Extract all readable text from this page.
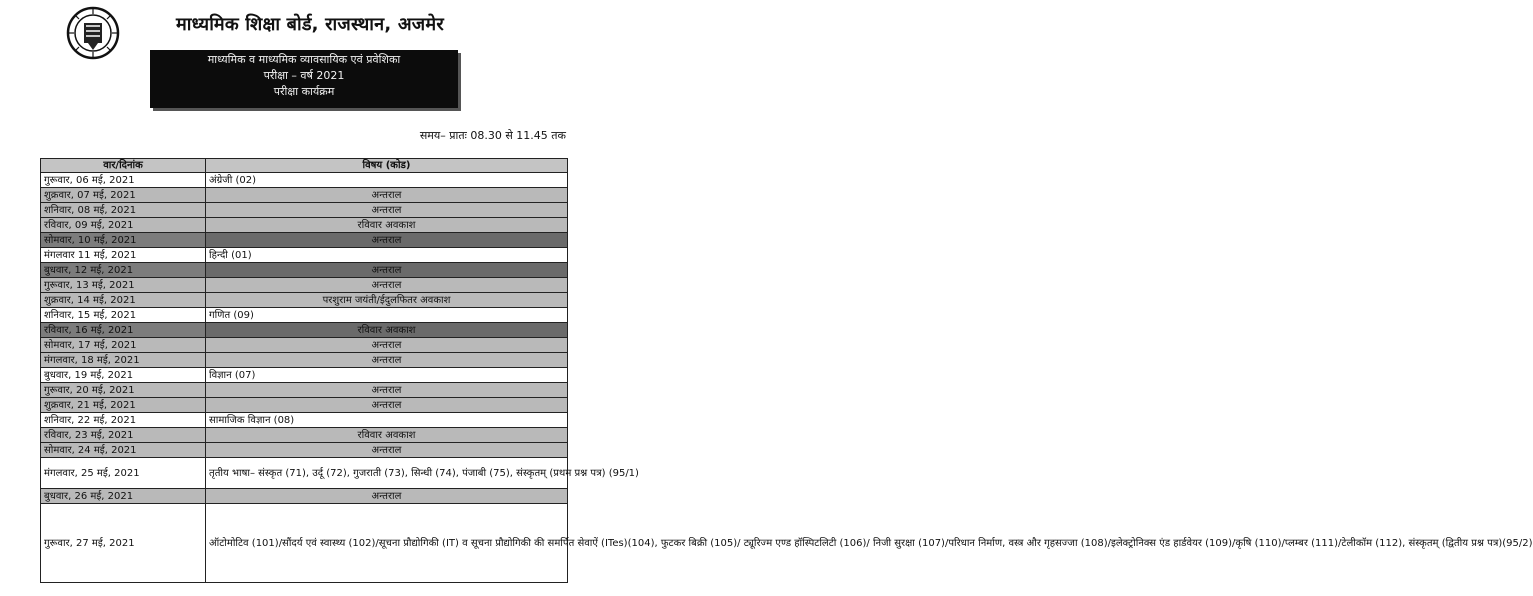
माध्यमिक शिक्षा बोर्ड, राजस्थान, अजमेर
माध्यमिक व माध्यमिक व्यावसायिक एवं प्रवेशिका
परीक्षा – वर्ष 2021
परीक्षा कार्यक्रम
समय– प्रातः 08.30 से 11.45 तक
वार/दिनांक	विषय (कोड)
गुरूवार, 06 मई, 2021	अंग्रेजी (02)
शुक्रवार, 07 मई, 2021	अन्तराल
शनिवार, 08 मई, 2021	अन्तराल
रविवार, 09 मई, 2021	रविवार अवकाश
सोमवार, 10 मई, 2021	अन्तराल
मंगलवार 11 मई, 2021	हिन्दी (01)
बुधवार, 12 मई, 2021	अन्तराल
गुरूवार, 13 मई, 2021	अन्तराल
शुक्रवार, 14 मई, 2021	परशुराम जयंती/ईदुलफितर अवकाश
शनिवार, 15 मई, 2021	गणित (09)
रविवार, 16 मई, 2021	रविवार अवकाश
सोमवार, 17 मई, 2021	अन्तराल
मंगलवार, 18 मई, 2021	अन्तराल
बुधवार, 19 मई, 2021	विज्ञान (07)
गुरूवार, 20 मई, 2021	अन्तराल
शुक्रवार, 21 मई, 2021	अन्तराल
शनिवार, 22 मई, 2021	सामाजिक विज्ञान (08)
रविवार, 23 मई, 2021	रविवार अवकाश
सोमवार, 24 मई, 2021	अन्तराल
मंगलवार, 25 मई, 2021	तृतीय भाषा– संस्कृत (71), उर्दू (72), गुजराती (73), सिन्धी (74), पंजाबी (75), संस्कृतम् (प्रथम प्रश्न पत्र) (95/1)
बुधवार, 26 मई, 2021	अन्तराल
गुरूवार, 27 मई, 2021	ऑटोमोटिव (101)/सौंदर्य एवं स्वास्थ्य (102)/सूचना प्रौद्योगिकी (IT) व सूचना प्रौद्योगिकी की समर्पित सेवाऐं (ITes)(104), फुटकर बिक्री (105)/ ट्यूरिज्म एण्ड हॉस्पिटलिटी (106)/ निजी सुरक्षा (107)/परिधान निर्माण, वस्त्र और गृहसज्जा (108)/इलेक्ट्रोनिक्स एंड हार्डवेयर (109)/कृषि (110)/प्लम्बर (111)/टेलीकॉम (112), संस्कृतम् (द्वितीय प्रश्न पत्र)(95/2)
